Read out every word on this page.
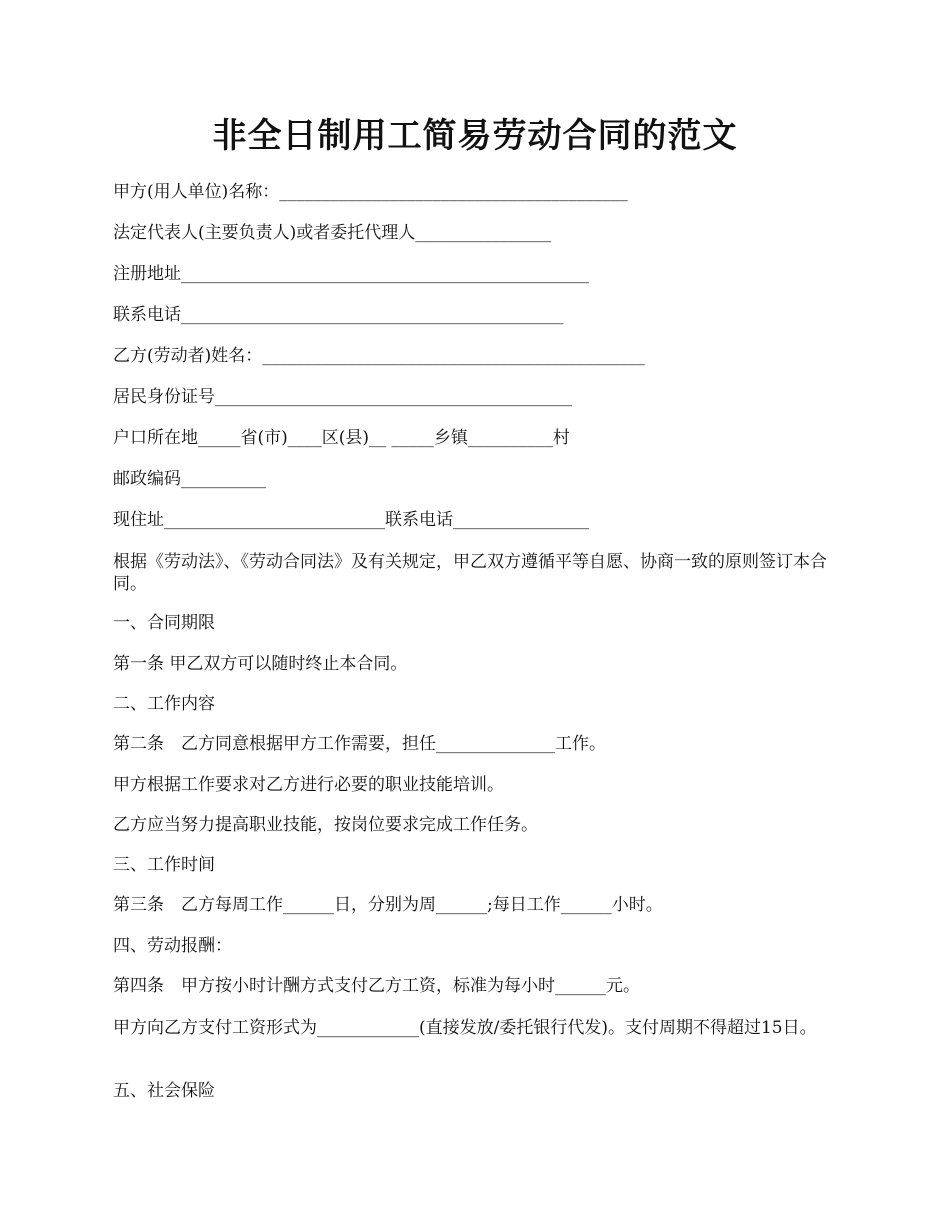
非全日制用工简易劳动合同的范文
甲方(用人单位)名称：_________________________________________
法定代表人(主要负责人)或者委托代理人________________
注册地址________________________________________________
联系电话_____________________________________________
乙方(劳动者)姓名：_____________________________________________
居民身份证号__________________________________________
户口所在地_____省(市)____区(县)__ _____乡镇__________村
邮政编码__________
现住址__________________________联系电话________________
根据《劳动法》、《劳动合同法》及有关规定，甲乙双方遵循平等自愿、协商一致的原则签订本合同。
一、合同期限
第一条 甲乙双方可以随时终止本合同。
二、工作内容
第二条　乙方同意根据甲方工作需要，担任______________工作。
甲方根据工作要求对乙方进行必要的职业技能培训。
乙方应当努力提高职业技能，按岗位要求完成工作任务。
三、工作时间
第三条　乙方每周工作______日，分别为周______;每日工作______小时。
四、劳动报酬：
第四条　甲方按小时计酬方式支付乙方工资，标准为每小时______元。
甲方向乙方支付工资形式为____________(直接发放/委托银行代发)。支付周期不得超过15日。
五、社会保险
